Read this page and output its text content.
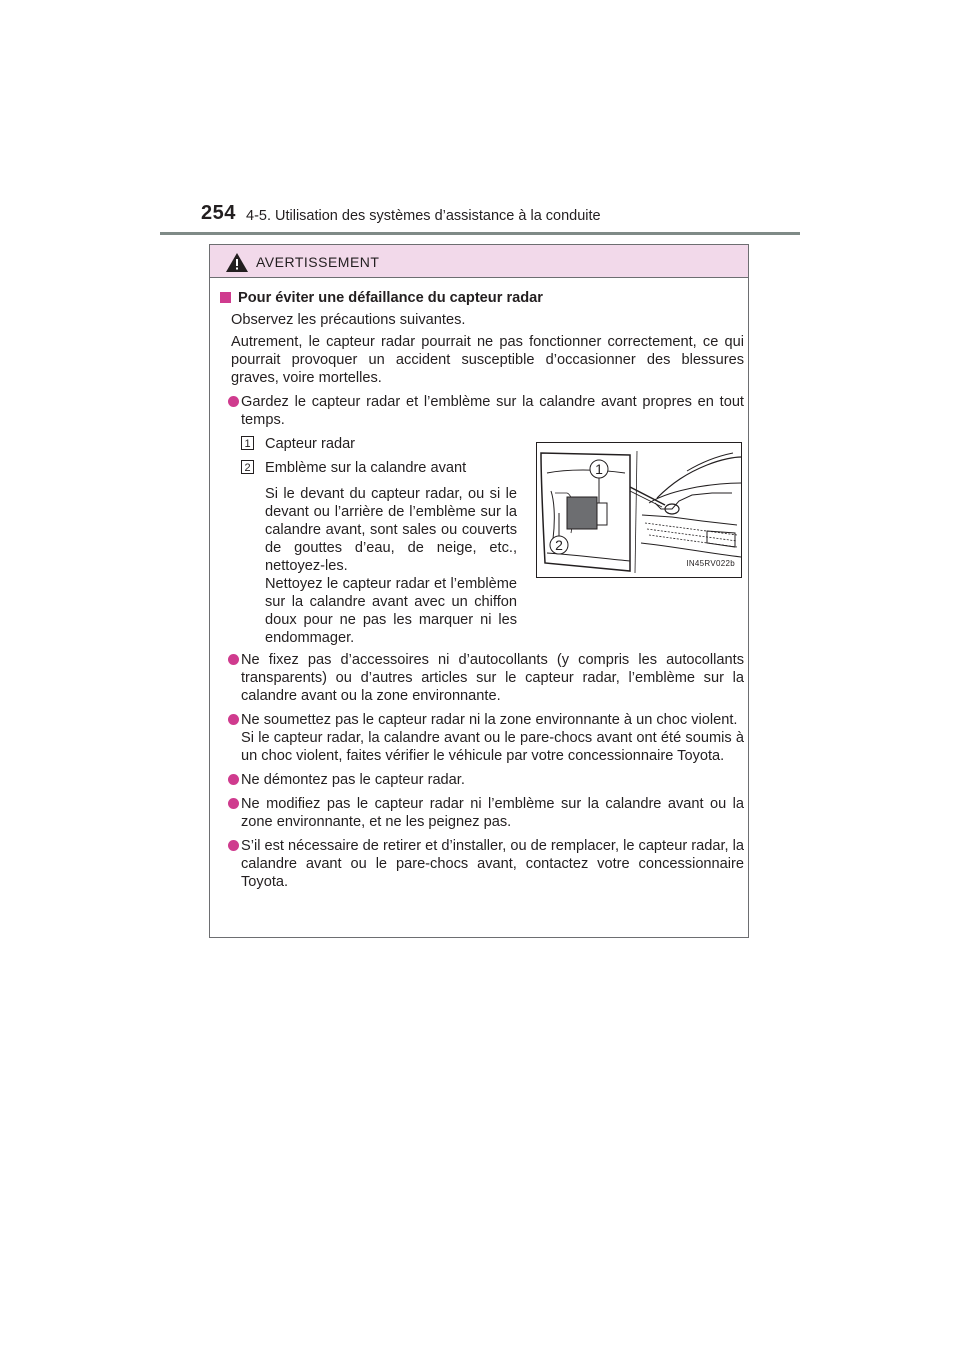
254 4-5. Utilisation des systèmes d’assistance à la conduite
AVERTISSEMENT
Pour éviter une défaillance du capteur radar
Observez les précautions suivantes.
Autrement, le capteur radar pourrait ne pas fonctionner correctement, ce qui pourrait provoquer un accident susceptible d’occasionner des blessures graves, voire mortelles.
Gardez le capteur radar et l’emblème sur la calandre avant propres en tout temps.
1 Capteur radar
2 Emblème sur la calandre avant
Si le devant du capteur radar, ou si le devant ou l’arrière de l’emblème sur la calandre avant, sont sales ou couverts de gouttes d’eau, de neige, etc., nettoyez-les.
Nettoyez le capteur radar et l’emblème sur la calandre avant avec un chiffon doux pour ne pas les marquer ni les endommager.
1
2
IN45RV022b
Ne fixez pas d’accessoires ni d’autocollants (y compris les autocollants transparents) ou d’autres articles sur le capteur radar, l’emblème sur la calandre avant ou la zone environnante.
Ne soumettez pas le capteur radar ni la zone environnante à un choc violent.
Si le capteur radar, la calandre avant ou le pare-chocs avant ont été soumis à un choc violent, faites vérifier le véhicule par votre concessionnaire Toyota.
Ne démontez pas le capteur radar.
Ne modifiez pas le capteur radar ni l’emblème sur la calandre avant ou la zone environnante, et ne les peignez pas.
S’il est nécessaire de retirer et d’installer, ou de remplacer, le capteur radar, la calandre avant ou le pare-chocs avant, contactez votre concessionnaire Toyota.
